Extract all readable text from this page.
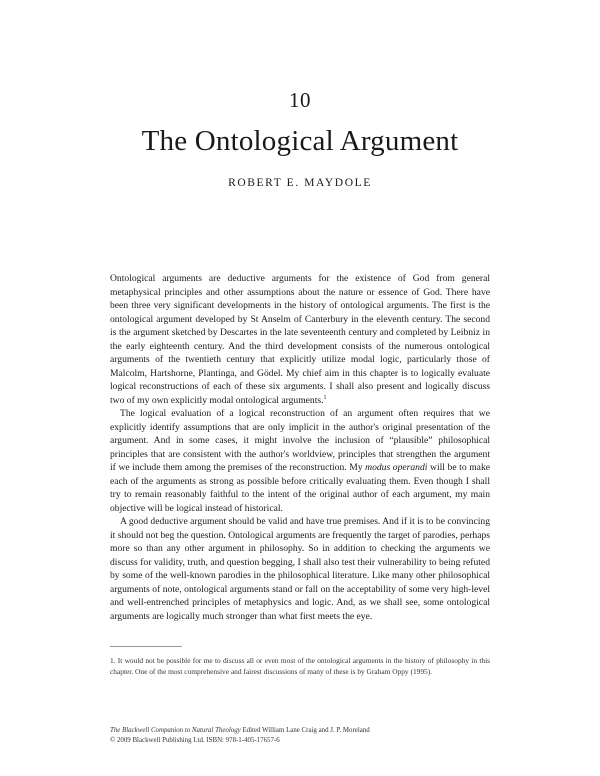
10
The Ontological Argument
ROBERT E. MAYDOLE

Ontological arguments are deductive arguments for the existence of God from general metaphysical principles and other assumptions about the nature or essence of God. There have been three very significant developments in the history of ontological arguments. The first is the ontological argument developed by St Anselm of Canterbury in the eleventh century. The second is the argument sketched by Descartes in the late seventeenth century and completed by Leibniz in the early eighteenth century. And the third development consists of the numerous ontological arguments of the twentieth century that explicitly utilize modal logic, particularly those of Malcolm, Hartshorne, Plantinga, and Gödel. My chief aim in this chapter is to logically evaluate logical reconstructions of each of these six arguments. I shall also present and logically discuss two of my own explicitly modal ontological arguments.$^1$

The logical evaluation of a logical reconstruction of an argument often requires that we explicitly identify assumptions that are only implicit in the author's original presentation of the argument. And in some cases, it might involve the inclusion of “plausible” philosophical principles that are consistent with the author's worldview, principles that strengthen the argument if we include them among the premises of the reconstruction. My modus operandi will be to make each of the arguments as strong as possible before critically evaluating them. Even though I shall try to remain reasonably faithful to the intent of the original author of each argument, my main objective will be logical instead of historical.

A good deductive argument should be valid and have true premises. And if it is to be convincing it should not beg the question. Ontological arguments are frequently the target of parodies, perhaps more so than any other argument in philosophy. So in addition to checking the arguments we discuss for validity, truth, and question begging, I shall also test their vulnerability to being refuted by some of the well-known parodies in the philosophical literature. Like many other philosophical arguments of note, ontological arguments stand or fall on the acceptability of some very high-level and well-entrenched principles of metaphysics and logic. And, as we shall see, some ontological arguments are logically much stronger than what first meets the eye.

1. It would not be possible for me to discuss all or even most of the ontological arguments in the history of philosophy in this chapter. One of the most comprehensive and fairest discussions of many of these is by Graham Oppy (1995).
The Blackwell Companion to Natural Theology Edited William Lane Craig and J. P. Moreland
© 2009 Blackwell Publishing Ltd. ISBN: 978-1-405-17657-6
